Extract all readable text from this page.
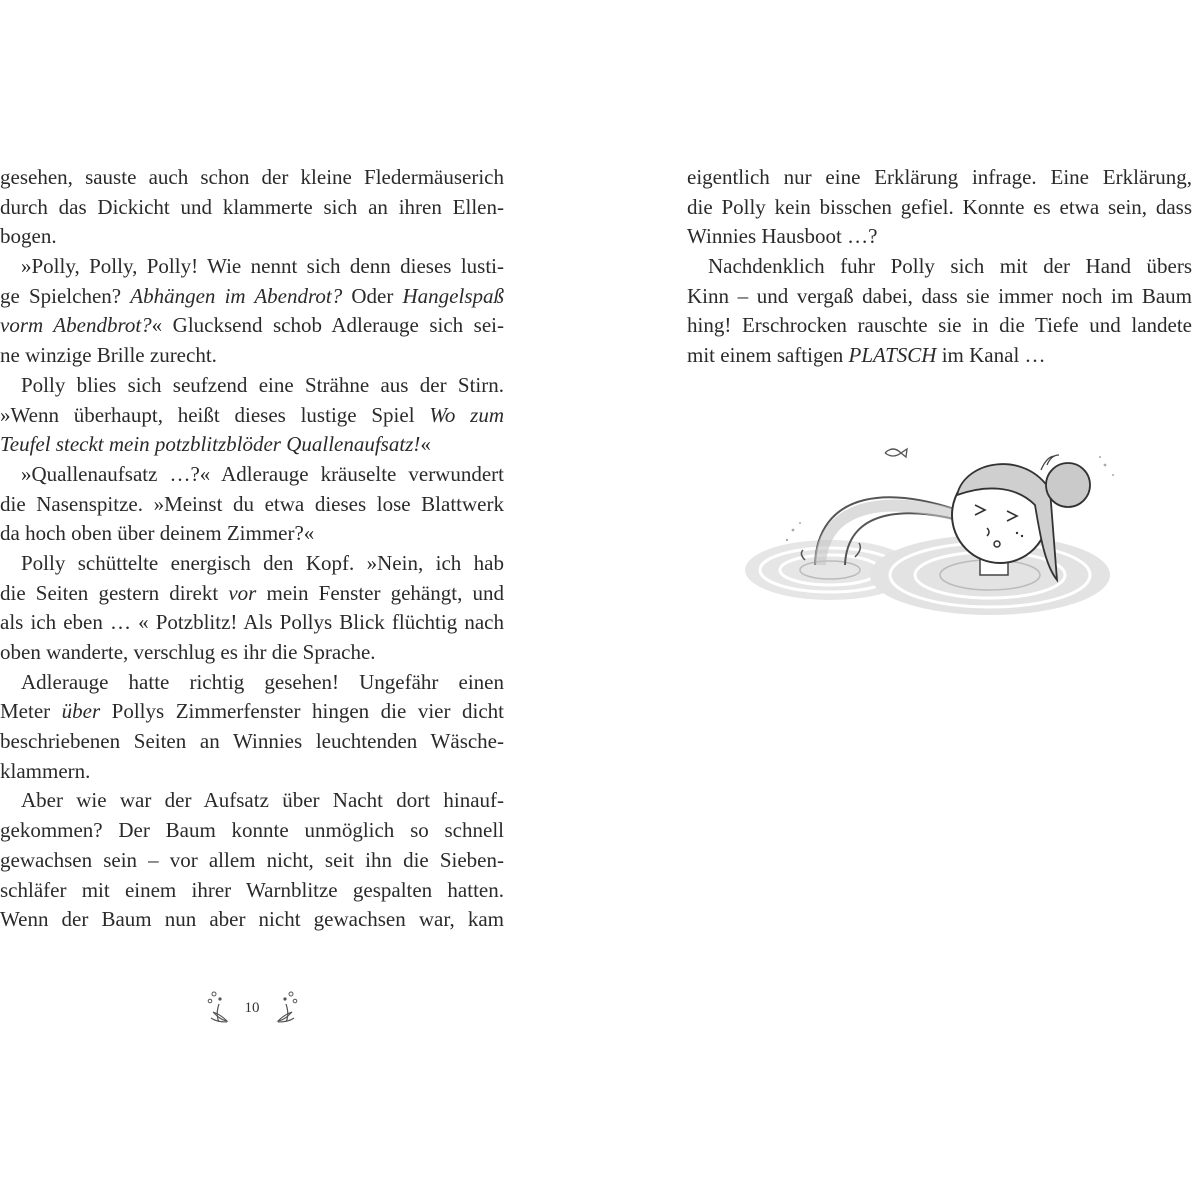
gesehen, sauste auch schon der kleine Fledermäuserich
durch das Dickicht und klammerte sich an ihren Ellen-
bogen.
»Polly, Polly, Polly! Wie nennt sich denn dieses lusti-
ge Spielchen? Abhängen im Abendrot? Oder Hangelspaß
vorm Abendbrot?« Glucksend schob Adlerauge sich sei-
ne winzige Brille zurecht.
Polly blies sich seufzend eine Strähne aus der Stirn.
»Wenn überhaupt, heißt dieses lustige Spiel Wo zum
Teufel steckt mein potzblitzblöder Quallenaufsatz!«
»Quallenaufsatz …?« Adlerauge kräuselte verwundert
die Nasenspitze. »Meinst du etwa dieses lose Blattwerk
da hoch oben über deinem Zimmer?«
Polly schüttelte energisch den Kopf. »Nein, ich hab
die Seiten gestern direkt vor mein Fenster gehängt, und
als ich eben … « Potzblitz! Als Pollys Blick flüchtig nach
oben wanderte, verschlug es ihr die Sprache.
Adlerauge hatte richtig gesehen! Ungefähr einen
Meter über Pollys Zimmerfenster hingen die vier dicht
beschriebenen Seiten an Winnies leuchtenden Wäsche-
klammern.
Aber wie war der Aufsatz über Nacht dort hinauf-
gekommen? Der Baum konnte unmöglich so schnell
gewachsen sein – vor allem nicht, seit ihn die Sieben-
schläfer mit einem ihrer Warnblitze gespalten hatten.
Wenn der Baum nun aber nicht gewachsen war, kam
10
eigentlich nur eine Erklärung infrage. Eine Erklärung,
die Polly kein bisschen gefiel. Konnte es etwa sein, dass
Winnies Hausboot …?
Nachdenklich fuhr Polly sich mit der Hand übers
Kinn – und vergaß dabei, dass sie immer noch im Baum
hing! Erschrocken rauschte sie in die Tiefe und landete
mit einem saftigen PLATSCH im Kanal …
